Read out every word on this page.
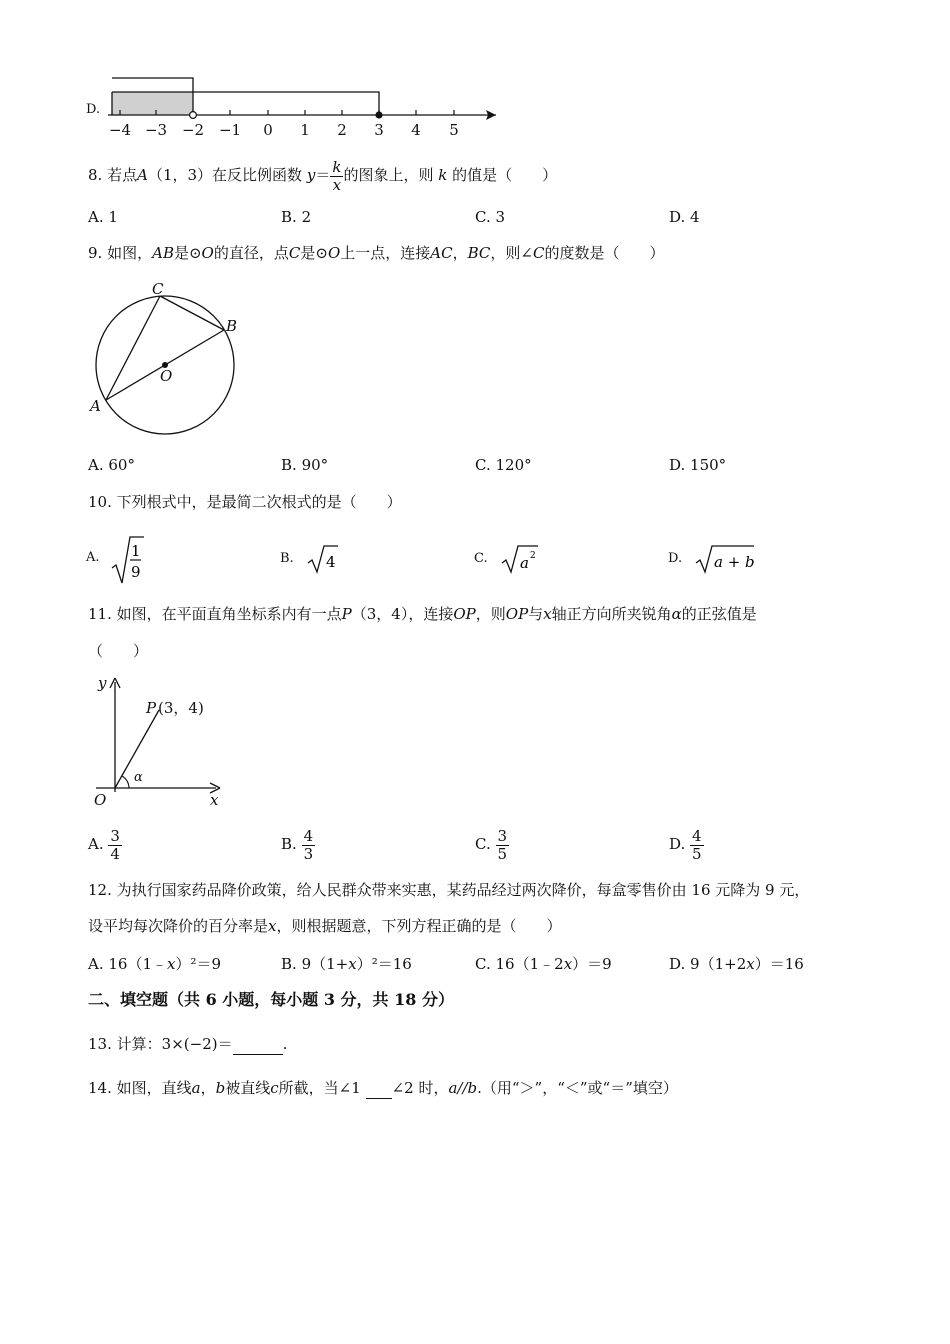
D.
−4 −3 −2 −1 0 1 2 3 4 5
8. 若点A（1，3）在反比例函数 $y= \frac{k}{x}$ 的图象上，则 k 的值是（　　）
A. 1	B. 2	C. 3	D. 4
9. 如图，AB是⊙O的直径，点C是⊙O上一点，连接AC，BC，则∠C的度数是（　　）
C
B
O
A
A. 60°	B. 90°	C. 120°	D. 150°
10. 下列根式中，是最简二次根式的是（　　）
A. 1
9
B. 4	C. a 2	D. a + b
11. 如图，在平面直角坐标系内有一点P（3，4），连接OP，则OP与x轴正方向所夹锐角α的正弦值是
（　　）
y
P (3，4)
α
O	x
A. $\frac{3}{4}$	B. $\frac{4}{3}$	C. $\frac{3}{5}$	D. $\frac{4}{5}$
12. 为执行国家药品降价政策，给人民群众带来实惠，某药品经过两次降价，每盒零售价由 16 元降为 9 元，
设平均每次降价的百分率是x，则根据题意，下列方程正确的是（　　）
A. 16（1﹣x）²＝9	B. 9（1+x）²＝16	C. 16（1﹣2x）＝9	D. 9（1+2x）＝16
二、填空题（共 6 小题，每小题 3 分，共 18 分）
13. 计算：3×(−2)＝	.
14. 如图，直线a，b被直线c所截，当∠1 ∠2 时，a//b.（用“＞”，“＜”或“＝”填空）
